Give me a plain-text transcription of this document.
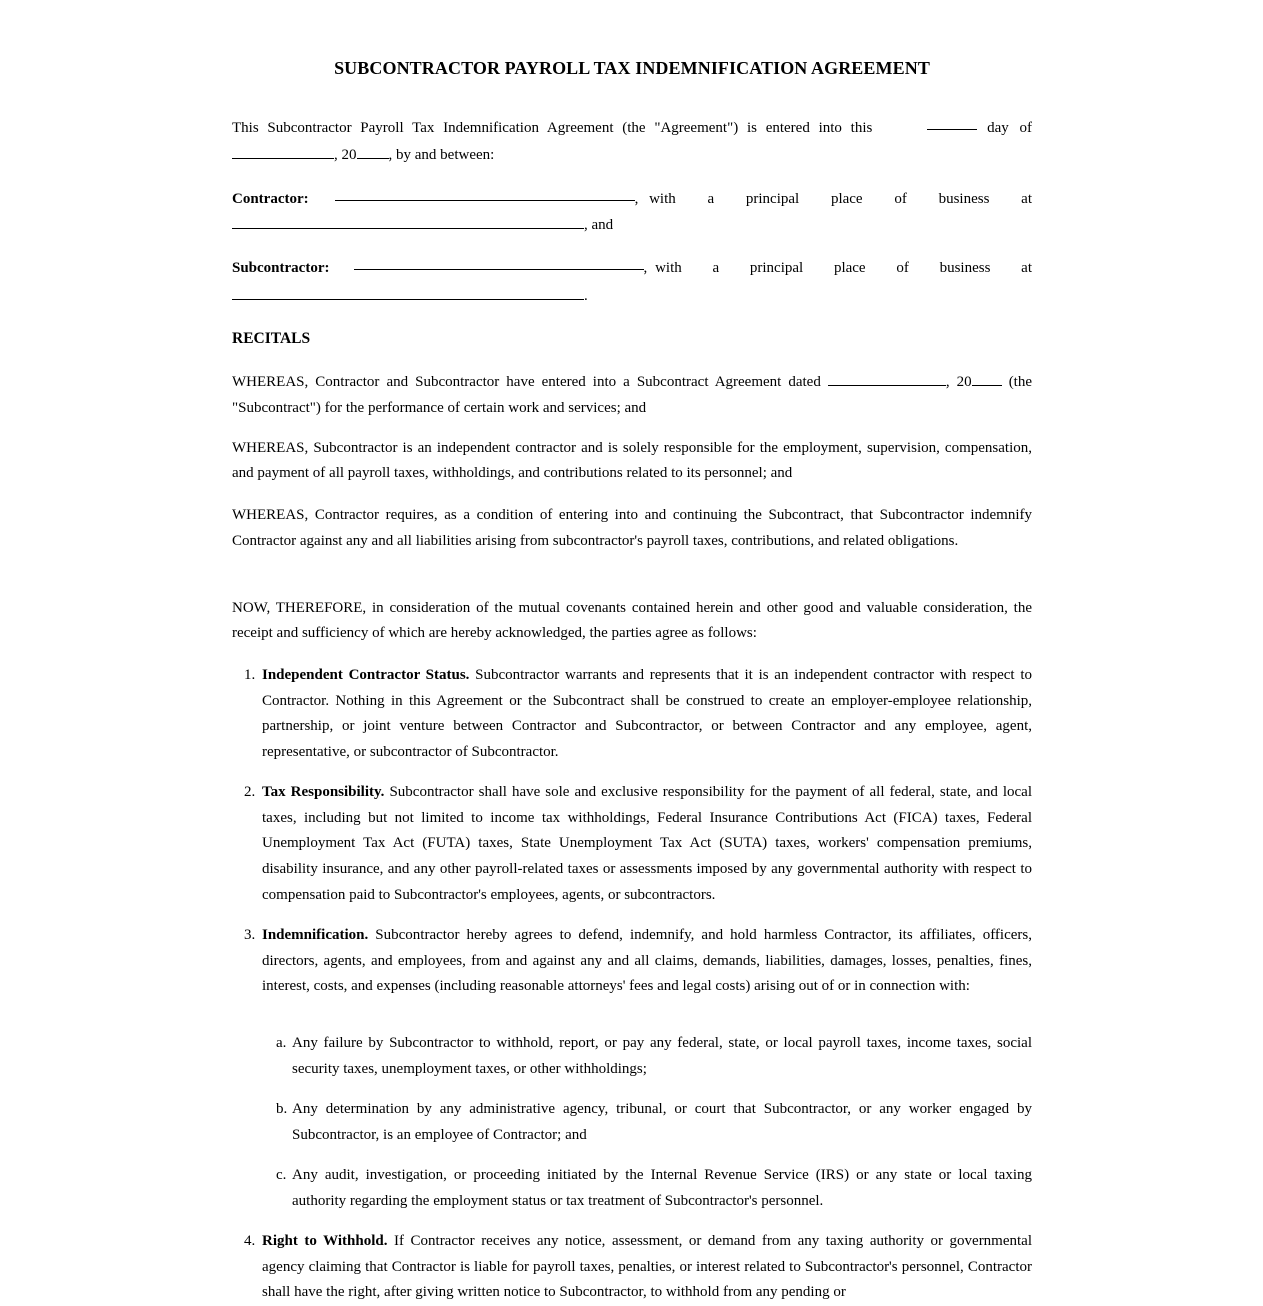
SUBCONTRACTOR PAYROLL TAX INDEMNIFICATION AGREEMENT
This Subcontractor Payroll Tax Indemnification Agreement (the "Agreement") is entered into this	day of
, 20 , by and between:
Contractor:	, with a principal place of business at
, and
Subcontractor:	, with a principal place of business at
.
RECITALS
WHEREAS, Contractor and Subcontractor have entered into a Subcontract Agreement dated	, 20 (the "Subcontract") for the performance of certain work and services; and
WHEREAS, Subcontractor is an independent contractor and is solely responsible for the employment, supervision, compensation, and payment of all payroll taxes, withholdings, and contributions related to its personnel; and
WHEREAS, Contractor requires, as a condition of entering into and continuing the Subcontract, that Subcontractor indemnify Contractor against any and all liabilities arising from subcontractor's payroll taxes, contributions, and related obligations.
NOW, THEREFORE, in consideration of the mutual covenants contained herein and other good and valuable consideration, the receipt and sufficiency of which are hereby acknowledged, the parties agree as follows:
1. Independent Contractor Status. Subcontractor warrants and represents that it is an independent contractor with respect to Contractor. Nothing in this Agreement or the Subcontract shall be construed to create an employer-employee relationship, partnership, or joint venture between Contractor and Subcontractor, or between Contractor and any employee, agent, representative, or subcontractor of Subcontractor.
2. Tax Responsibility. Subcontractor shall have sole and exclusive responsibility for the payment of all federal, state, and local taxes, including but not limited to income tax withholdings, Federal Insurance Contributions Act (FICA) taxes, Federal Unemployment Tax Act (FUTA) taxes, State Unemployment Tax Act (SUTA) taxes, workers' compensation premiums, disability insurance, and any other payroll-related taxes or assessments imposed by any governmental authority with respect to compensation paid to Subcontractor's employees, agents, or subcontractors.
3. Indemnification. Subcontractor hereby agrees to defend, indemnify, and hold harmless Contractor, its affiliates, officers, directors, agents, and employees, from and against any and all claims, demands, liabilities, damages, losses, penalties, fines, interest, costs, and expenses (including reasonable attorneys' fees and legal costs) arising out of or in connection with:
a. Any failure by Subcontractor to withhold, report, or pay any federal, state, or local payroll taxes, income taxes, social security taxes, unemployment taxes, or other withholdings;
b. Any determination by any administrative agency, tribunal, or court that Subcontractor, or any worker engaged by Subcontractor, is an employee of Contractor; and
c. Any audit, investigation, or proceeding initiated by the Internal Revenue Service (IRS) or any state or local taxing authority regarding the employment status or tax treatment of Subcontractor's personnel.
4. Right to Withhold. If Contractor receives any notice, assessment, or demand from any taxing authority or governmental agency claiming that Contractor is liable for payroll taxes, penalties, or interest related to Subcontractor's personnel, Contractor shall have the right, after giving written notice to Subcontractor, to withhold from any pending or
